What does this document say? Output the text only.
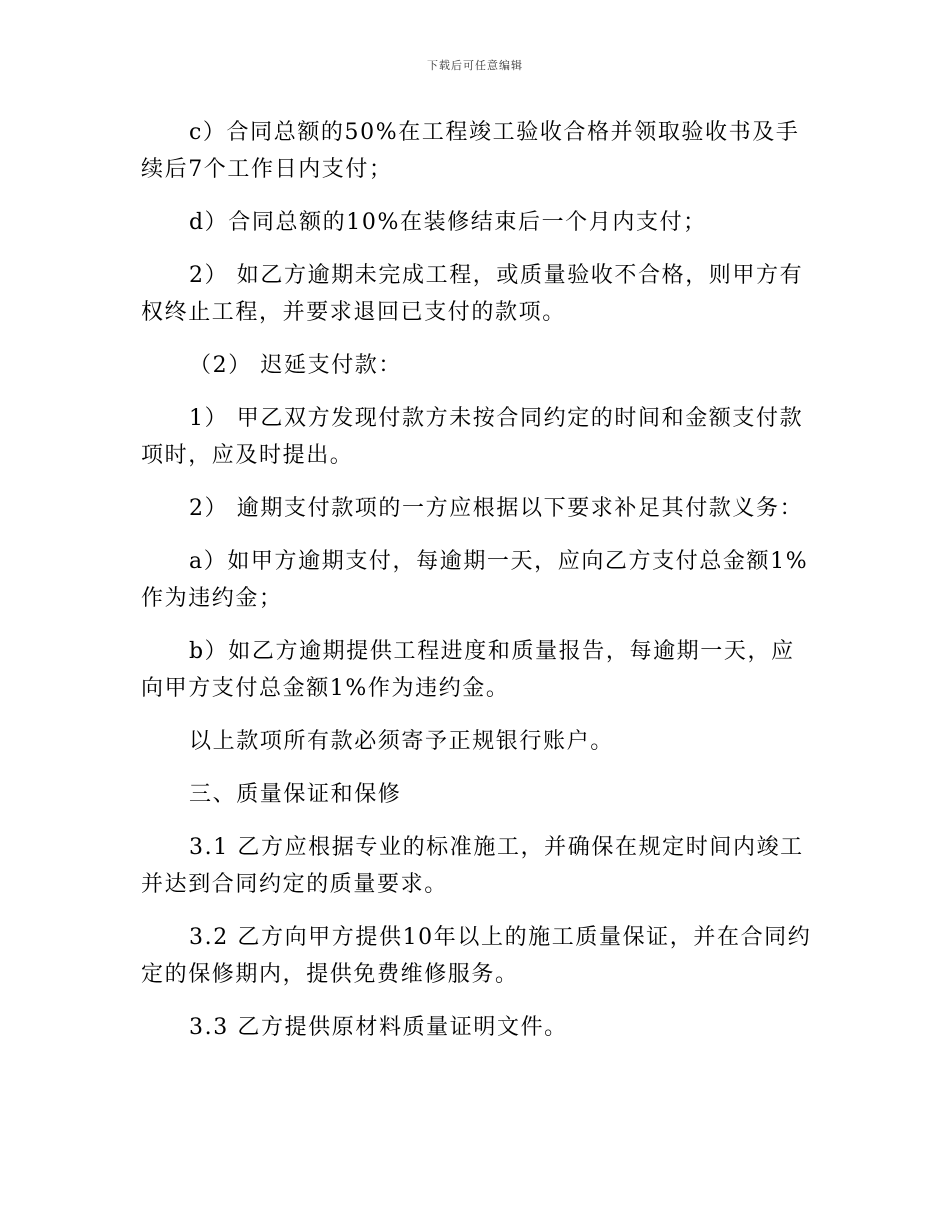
下载后可任意编辑

c）合同总额的50%在工程竣工验收合格并领取验收书及手续后7个工作日内支付；

d）合同总额的10%在装修结束后一个月内支付；

2） 如乙方逾期未完成工程，或质量验收不合格，则甲方有权终止工程，并要求退回已支付的款项。

（2） 迟延支付款：

1） 甲乙双方发现付款方未按合同约定的时间和金额支付款项时，应及时提出。

2） 逾期支付款项的一方应根据以下要求补足其付款义务：

a）如甲方逾期支付，每逾期一天，应向乙方支付总金额1%作为违约金；

b）如乙方逾期提供工程进度和质量报告，每逾期一天，应向甲方支付总金额1%作为违约金。

以上款项所有款必须寄予正规银行账户。

三、质量保证和保修

3.1 乙方应根据专业的标准施工，并确保在规定时间内竣工并达到合同约定的质量要求。

3.2 乙方向甲方提供10年以上的施工质量保证，并在合同约定的保修期内，提供免费维修服务。

3.3 乙方提供原材料质量证明文件。
